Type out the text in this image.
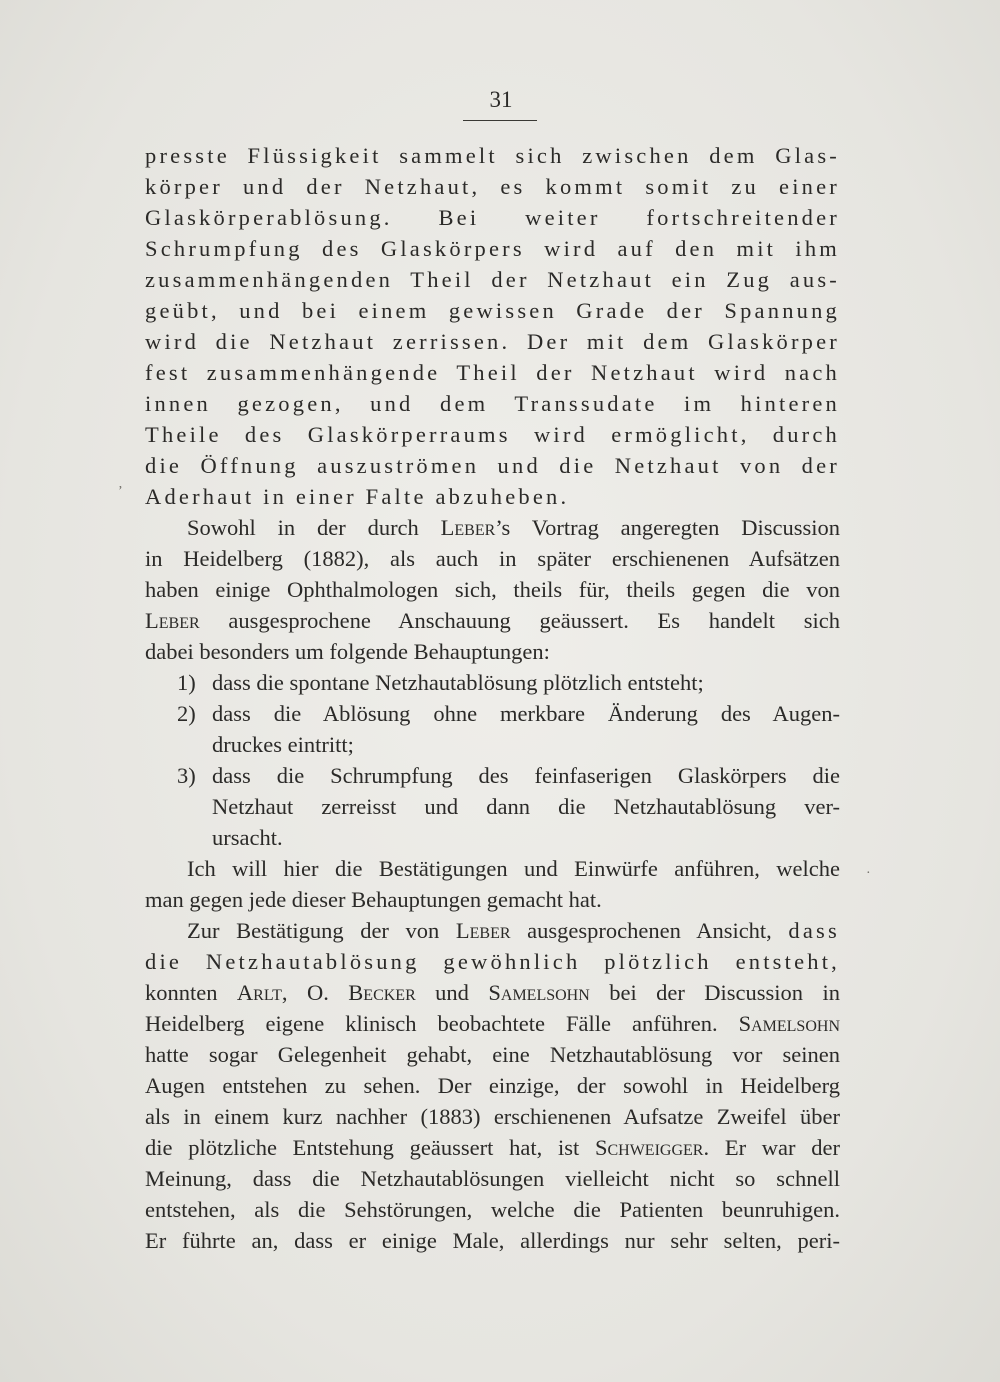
31
presste Flüssigkeit sammelt sich zwischen dem Glas-
körper und der Netzhaut, es kommt somit zu einer
Glaskörperablösung. Bei weiter fortschreitender
Schrumpfung des Glaskörpers wird auf den mit ihm
zusammenhängenden Theil der Netzhaut ein Zug aus-
geübt, und bei einem gewissen Grade der Spannung
wird die Netzhaut zerrissen. Der mit dem Glaskörper
fest zusammenhängende Theil der Netzhaut wird nach
innen gezogen, und dem Transsudate im hinteren
Theile des Glaskörperraums wird ermöglicht, durch
die Öffnung auszuströmen und die Netzhaut von der
Aderhaut in einer Falte abzuheben.
Sowohl in der durch Leber’s Vortrag angeregten Discussion
in Heidelberg (1882), als auch in später erschienenen Aufsätzen
haben einige Ophthalmologen sich, theils für, theils gegen die von
Leber ausgesprochene Anschauung geäussert. Es handelt sich
dabei besonders um folgende Behauptungen:
1) dass die spontane Netzhautablösung plötzlich entsteht;
2) dass die Ablösung ohne merkbare Änderung des Augen-
druckes eintritt;
3) dass die Schrumpfung des feinfaserigen Glaskörpers die
Netzhaut zerreisst und dann die Netzhautablösung ver-
ursacht.
Ich will hier die Bestätigungen und Einwürfe anführen, welche
man gegen jede dieser Behauptungen gemacht hat.
Zur Bestätigung der von Leber ausgesprochenen Ansicht, dass
die Netzhautablösung gewöhnlich plötzlich entsteht,
konnten Arlt, O. Becker und Samelsohn bei der Discussion in
Heidelberg eigene klinisch beobachtete Fälle anführen. Samelsohn
hatte sogar Gelegenheit gehabt, eine Netzhautablösung vor seinen
Augen entstehen zu sehen. Der einzige, der sowohl in Heidelberg
als in einem kurz nachher (1883) erschienenen Aufsatze Zweifel über
die plötzliche Entstehung geäussert hat, ist Schweigger. Er war der
Meinung, dass die Netzhautablösungen vielleicht nicht so schnell
entstehen, als die Sehstörungen, welche die Patienten beunruhigen.
Er führte an, dass er einige Male, allerdings nur sehr selten, peri-
ʼ
·
